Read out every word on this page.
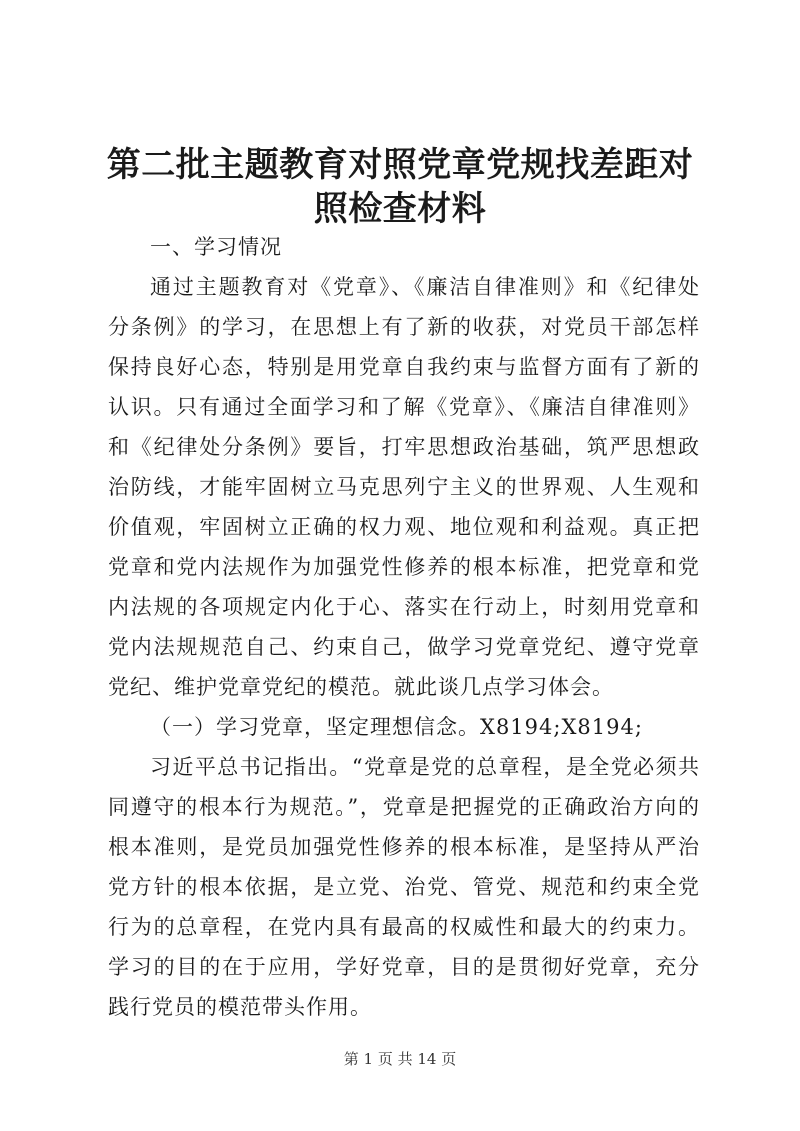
第二批主题教育对照党章党规找差距对照检查材料

一、学习情况

通过主题教育对《党章》、《廉洁自律准则》和《纪律处分条例》的学习，在思想上有了新的收获，对党员干部怎样保持良好心态，特别是用党章自我约束与监督方面有了新的认识。只有通过全面学习和了解《党章》、《廉洁自律准则》和《纪律处分条例》要旨，打牢思想政治基础，筑严思想政治防线，才能牢固树立马克思列宁主义的世界观、人生观和价值观，牢固树立正确的权力观、地位观和利益观。真正把党章和党内法规作为加强党性修养的根本标准，把党章和党内法规的各项规定内化于心、落实在行动上，时刻用党章和党内法规规范自己、约束自己，做学习党章党纪、遵守党章党纪、维护党章党纪的模范。就此谈几点学习体会。

（一）学习党章，坚定理想信念。X8194;X8194;

习近平总书记指出。“党章是党的总章程，是全党必须共同遵守的根本行为规范。”，党章是把握党的正确政治方向的根本准则，是党员加强党性修养的根本标准，是坚持从严治党方针的根本依据，是立党、治党、管党、规范和约束全党行为的总章程，在党内具有最高的权威性和最大的约束力。学习的目的在于应用，学好党章，目的是贯彻好党章，充分践行党员的模范带头作用。

第 1 页 共 14 页
